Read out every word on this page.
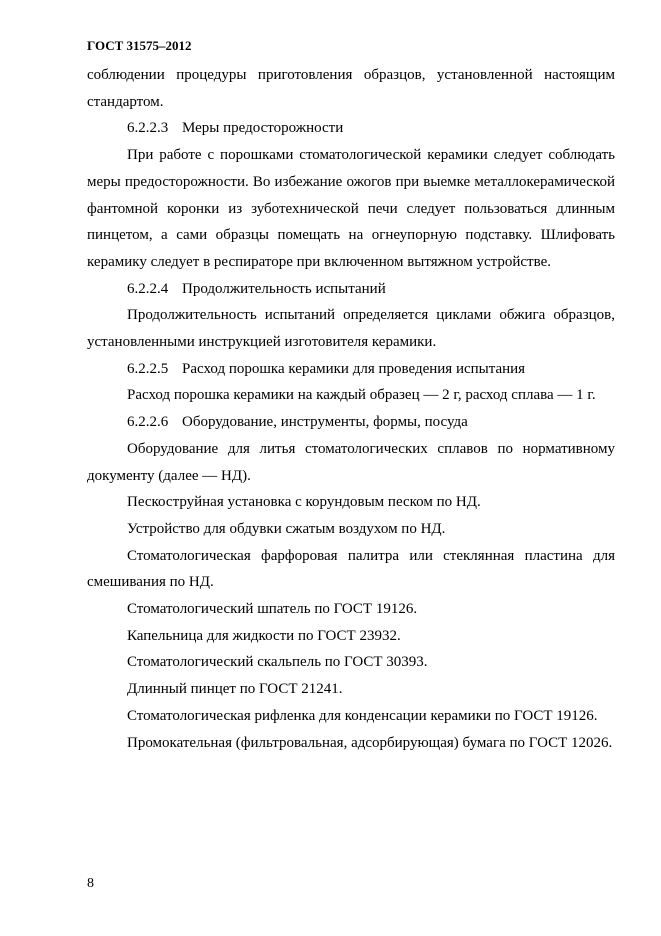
ГОСТ 31575–2012

соблюдении процедуры приготовления образцов, установленной настоящим стандартом.

6.2.2.3 Меры предосторожности

При работе с порошками стоматологической керамики следует соблюдать меры предосторожности. Во избежание ожогов при выемке металлокерамической фантомной коронки из зуботехнической печи следует пользоваться длинным пинцетом, а сами образцы помещать на огнеупорную подставку. Шлифовать керамику следует в респираторе при включенном вытяжном устройстве.

6.2.2.4 Продолжительность испытаний

Продолжительность испытаний определяется циклами обжига образцов, установленными инструкцией изготовителя керамики.

6.2.2.5 Расход порошка керамики для проведения испытания

Расход порошка керамики на каждый образец — 2 г, расход сплава — 1 г.

6.2.2.6 Оборудование, инструменты, формы, посуда

Оборудование для литья стоматологических сплавов по нормативному документу (далее — НД).

Пескоструйная установка с корундовым песком по НД.

Устройство для обдувки сжатым воздухом по НД.

Стоматологическая фарфоровая палитра или стеклянная пластина для смешивания по НД.

Стоматологический шпатель по ГОСТ 19126.

Капельница для жидкости по ГОСТ 23932.

Стоматологический скальпель по ГОСТ 30393.

Длинный пинцет по ГОСТ 21241.

Стоматологическая рифленка для конденсации керамики по ГОСТ 19126.

Промокательная (фильтровальная, адсорбирующая) бумага по ГОСТ 12026.

8
